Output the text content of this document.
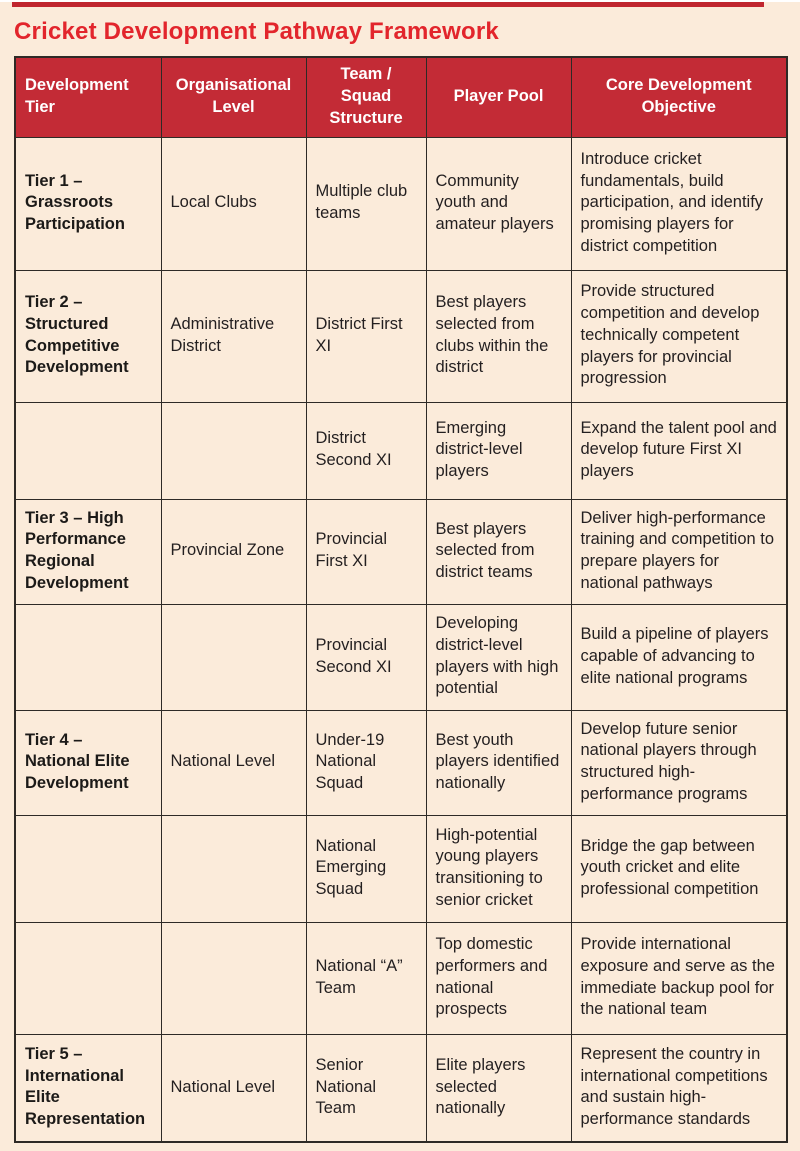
Cricket Development Pathway Framework
Development Tier	Organisational Level	Team / Squad Structure	Player Pool	Core Development Objective
Tier 1 – Grassroots Participation	Local Clubs	Multiple club teams	Community youth and amateur players	Introduce cricket fundamentals, build participation, and identify promising players for district competition
Tier 2 – Structured Competitive Development	Administrative District	District First XI	Best players selected from clubs within the district	Provide structured competition and develop technically competent players for provincial progression
		District Second XI	Emerging district-level players	Expand the talent pool and develop future First XI players
Tier 3 – High Performance Regional Development	Provincial Zone	Provincial First XI	Best players selected from district teams	Deliver high-performance training and competition to prepare players for national pathways
		Provincial Second XI	Developing district-level players with high potential	Build a pipeline of players capable of advancing to elite national programs
Tier 4 – National Elite Development	National Level	Under-19 National Squad	Best youth players identified nationally	Develop future senior national players through structured high-performance programs
		National Emerging Squad	High-potential young players transitioning to senior cricket	Bridge the gap between youth cricket and elite professional competition
		National “A” Team	Top domestic performers and national prospects	Provide international exposure and serve as the immediate backup pool for the national team
Tier 5 – International Elite Representation	National Level	Senior National Team	Elite players selected nationally	Represent the country in international competitions and sustain high-performance standards
